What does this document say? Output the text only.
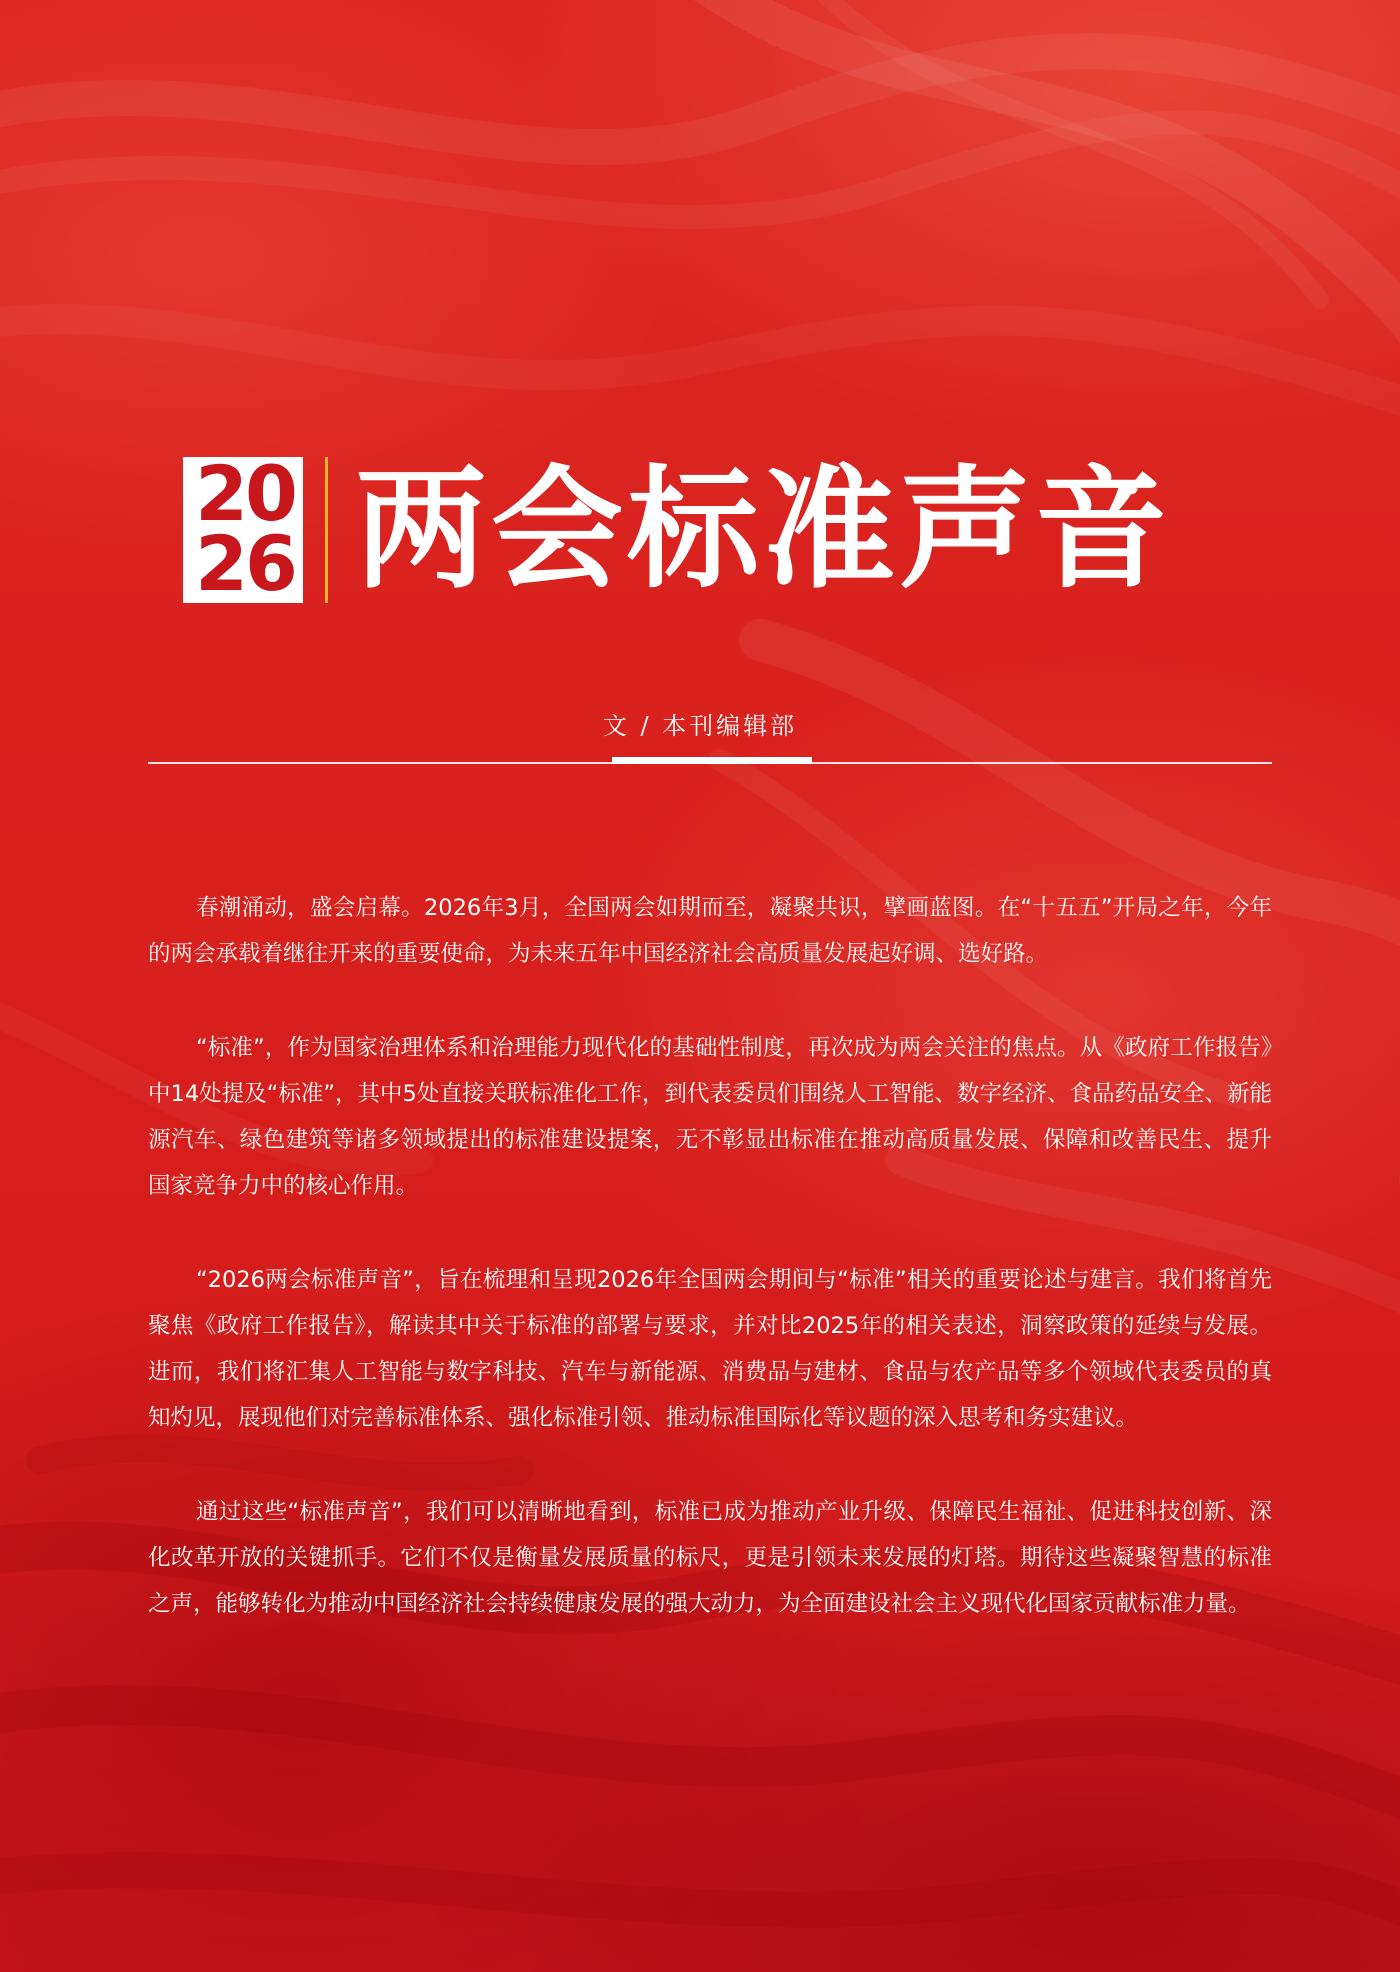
20
26 两会标准声音
文 / 本刊编辑部

春潮涌动，盛会启幕。2026年3月，全国两会如期而至，凝聚共识，擘画蓝图。在“十五五”开局之年，今年的两会承载着继往开来的重要使命，为未来五年中国经济社会高质量发展起好调、选好路。

“标准”，作为国家治理体系和治理能力现代化的基础性制度，再次成为两会关注的焦点。从《政府工作报告》中14处提及“标准”，其中5处直接关联标准化工作，到代表委员们围绕人工智能、数字经济、食品药品安全、新能源汽车、绿色建筑等诸多领域提出的标准建设提案，无不彰显出标准在推动高质量发展、保障和改善民生、提升国家竞争力中的核心作用。

“2026两会标准声音”，旨在梳理和呈现2026年全国两会期间与“标准”相关的重要论述与建言。我们将首先聚焦《政府工作报告》，解读其中关于标准的部署与要求，并对比2025年的相关表述，洞察政策的延续与发展。进而，我们将汇集人工智能与数字科技、汽车与新能源、消费品与建材、食品与农产品等多个领域代表委员的真知灼见，展现他们对完善标准体系、强化标准引领、推动标准国际化等议题的深入思考和务实建议。

通过这些“标准声音”，我们可以清晰地看到，标准已成为推动产业升级、保障民生福祉、促进科技创新、深化改革开放的关键抓手。它们不仅是衡量发展质量的标尺，更是引领未来发展的灯塔。期待这些凝聚智慧的标准之声，能够转化为推动中国经济社会持续健康发展的强大动力，为全面建设社会主义现代化国家贡献标准力量。
